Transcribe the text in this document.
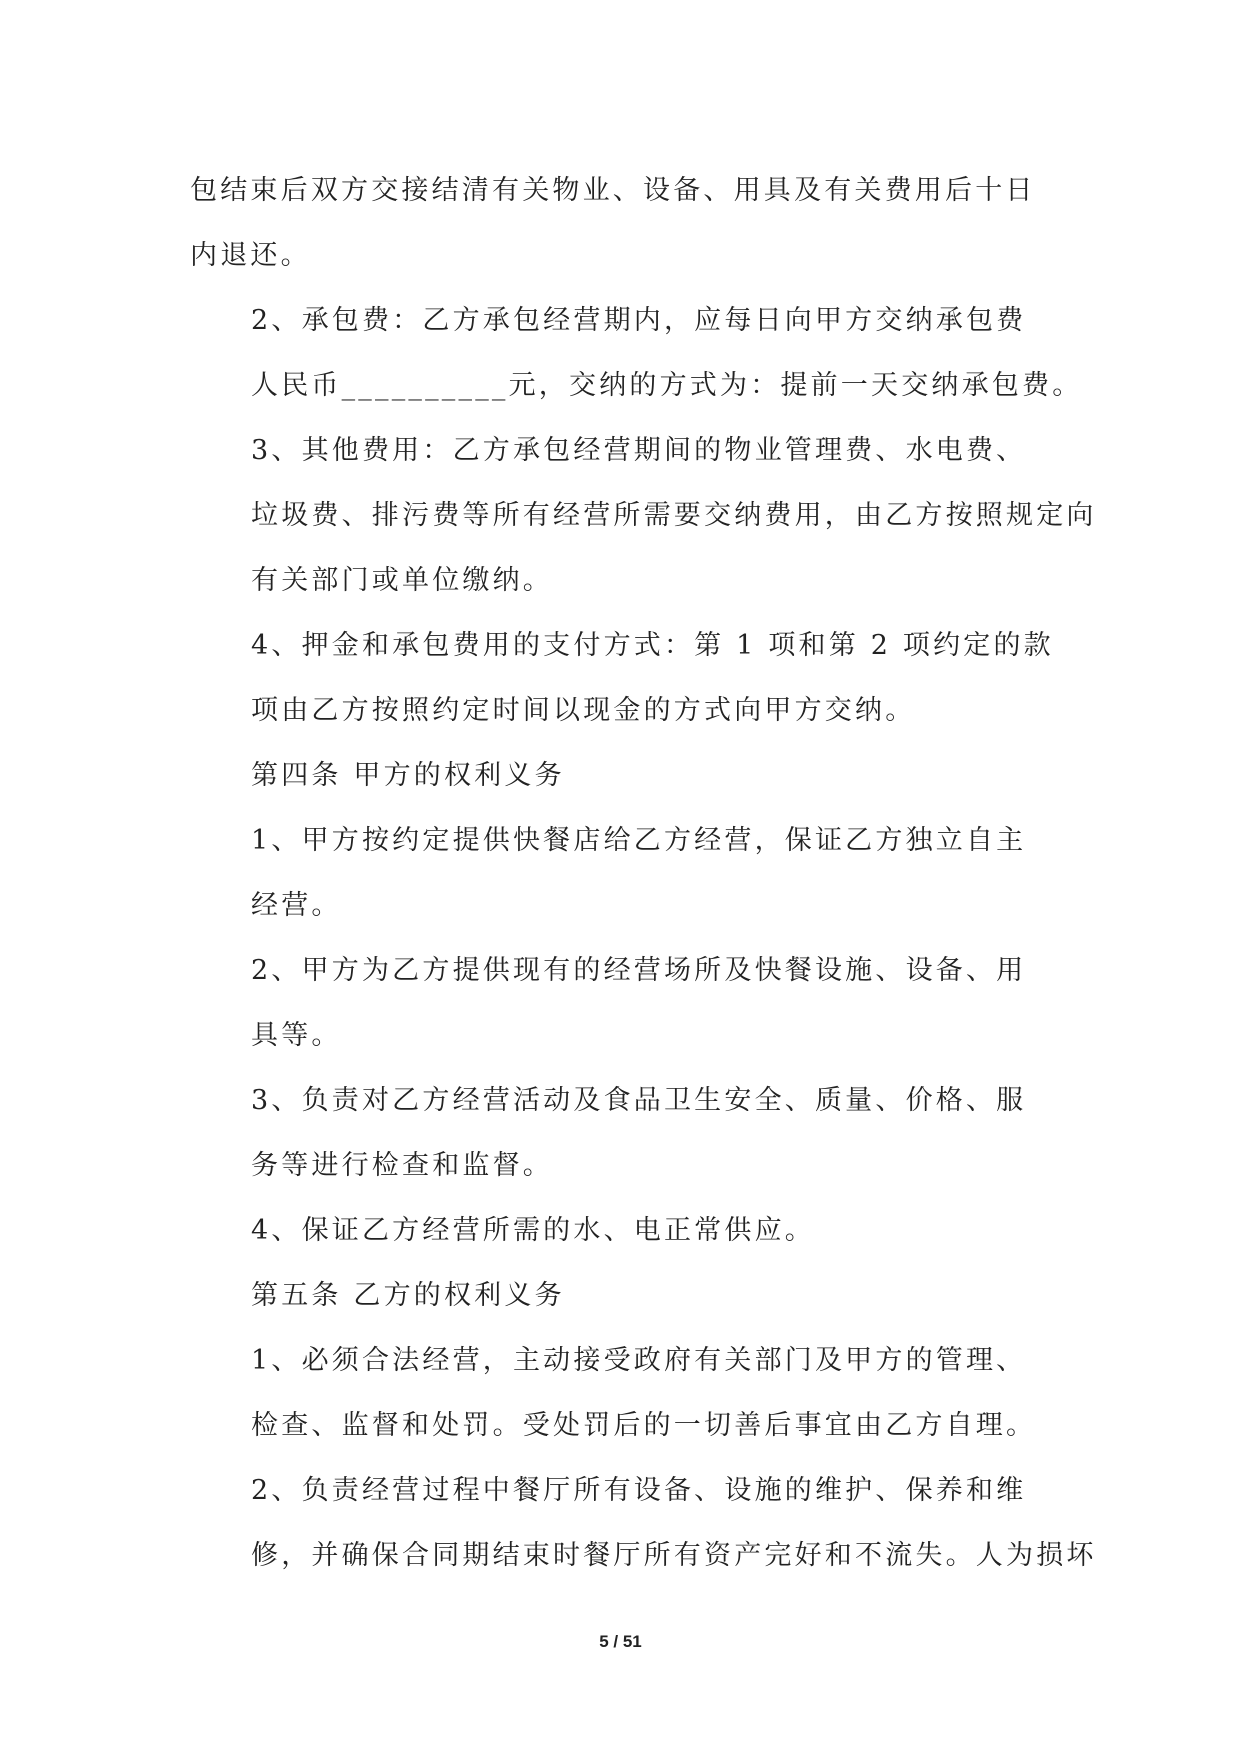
包结束后双方交接结清有关物业、设备、用具及有关费用后十日
内退还。

2、承包费：乙方承包经营期内，应每日向甲方交纳承包费
人民币__________元，交纳的方式为：提前一天交纳承包费。

3、其他费用：乙方承包经营期间的物业管理费、水电费、
垃圾费、排污费等所有经营所需要交纳费用，由乙方按照规定向
有关部门或单位缴纳。

4、押金和承包费用的支付方式：第 1 项和第 2 项约定的款
项由乙方按照约定时间以现金的方式向甲方交纳。

第四条 甲方的权利义务

1、甲方按约定提供快餐店给乙方经营，保证乙方独立自主
经营。

2、甲方为乙方提供现有的经营场所及快餐设施、设备、用
具等。

3、负责对乙方经营活动及食品卫生安全、质量、价格、服
务等进行检查和监督。

4、保证乙方经营所需的水、电正常供应。

第五条 乙方的权利义务

1、必须合法经营，主动接受政府有关部门及甲方的管理、
检查、监督和处罚。受处罚后的一切善后事宜由乙方自理。

2、负责经营过程中餐厅所有设备、设施的维护、保养和维
修，并确保合同期结束时餐厅所有资产完好和不流失。人为损坏

5 / 51
